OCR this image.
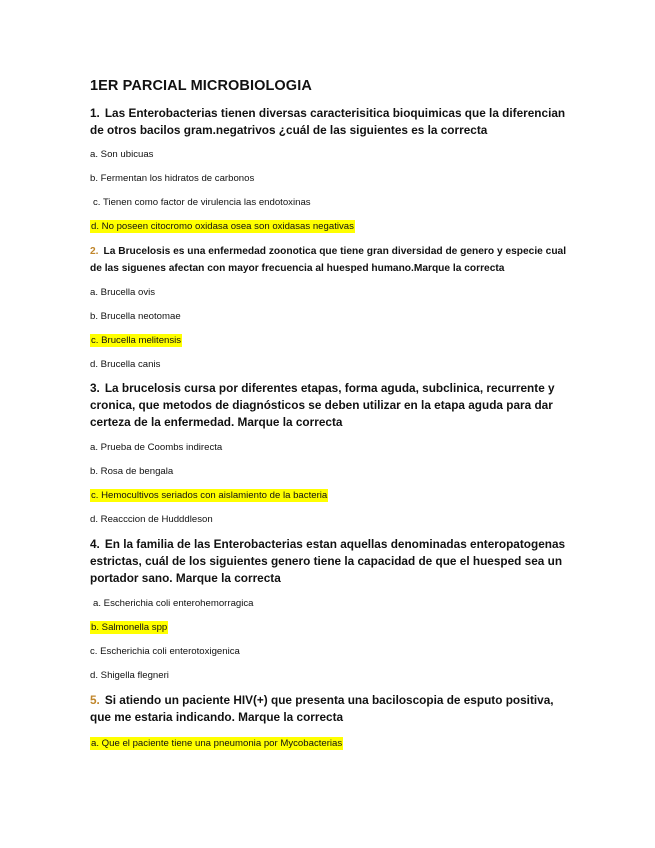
1ER PARCIAL MICROBIOLOGIA
1. Las Enterobacterias tienen diversas caracterisitica bioquimicas que la diferencian de otros bacilos gram.negatrivos ¿cuál de las siguientes es la correcta
a. Son ubicuas
b. Fermentan los hidratos de carbonos
c. Tienen como factor de virulencia las endotoxinas
d. No poseen citocromo oxidasa osea son oxidasas negativas
2. La Brucelosis es una enfermedad zoonotica que tiene gran diversidad de genero y especie cual de las siguenes afectan con mayor frecuencia al huesped humano.Marque la correcta
a. Brucella ovis
b. Brucella neotomae
c. Brucella melitensis
d. Brucella canis
3. La brucelosis cursa por diferentes etapas, forma aguda, subclinica, recurrente y cronica, que metodos de diagnósticos se deben utilizar en la etapa aguda para dar certeza de la enfermedad. Marque la correcta
a. Prueba de Coombs indirecta
b. Rosa de bengala
c. Hemocultivos seriados con aislamiento de la bacteria
d. Reacccion de Hudddleson
4. En la familia de las Enterobacterias estan aquellas denominadas enteropatogenas estrictas, cuál de los siguientes genero tiene la capacidad de que el huesped sea un portador sano. Marque la correcta
a. Escherichia coli enterohemorragica
b. Salmonella spp
c. Escherichia coli enterotoxigenica
d. Shigella flegneri
5. Si atiendo un paciente HIV(+) que presenta una baciloscopia de esputo positiva, que me estaria indicando. Marque la correcta
a. Que el paciente tiene una pneumonia por Mycobacterias
